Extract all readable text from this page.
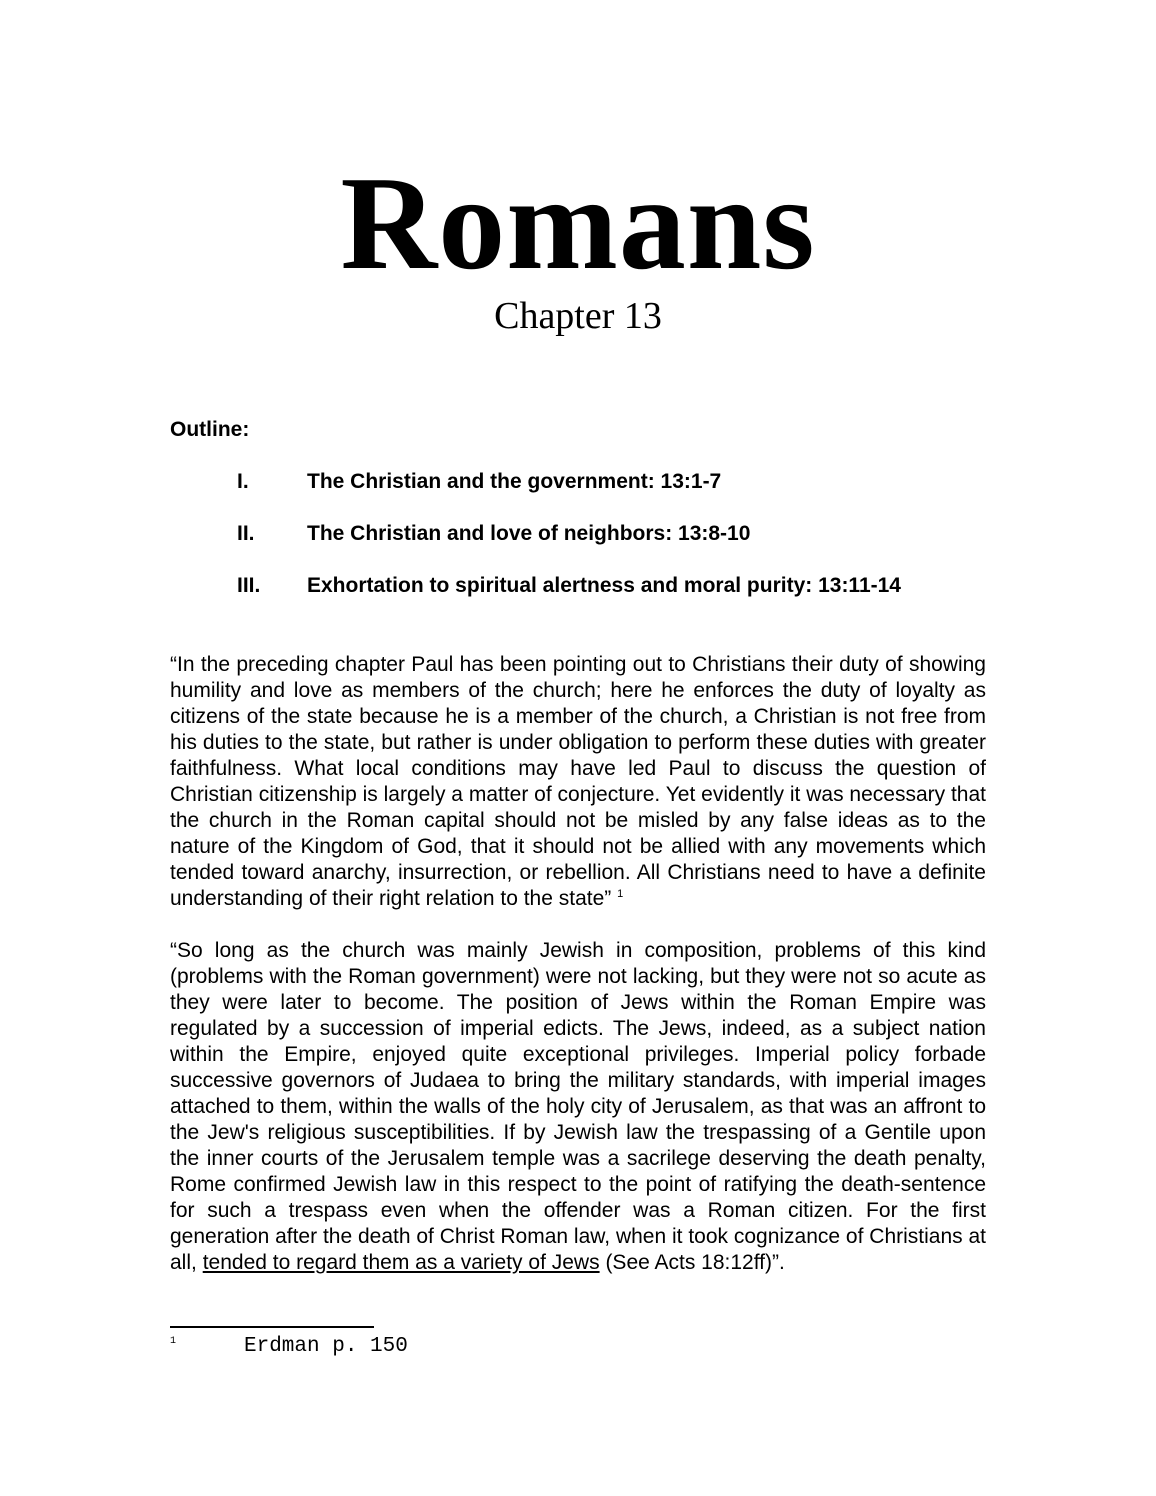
Romans
Chapter 13
Outline:
I.	The Christian and the government: 13:1-7
II. The Christian and love of neighbors: 13:8-10
III. Exhortation to spiritual alertness and moral purity: 13:11-14

“In the preceding chapter Paul has been pointing out to Christians their duty of showing humility and love as members of the church; here he enforces the duty of loyalty as citizens of the state because he is a member of the church, a Christian is not free from his duties to the state, but rather is under obligation to perform these duties with greater faithfulness. What local conditions may have led Paul to discuss the question of Christian citizenship is largely a matter of conjecture. Yet evidently it was necessary that the church in the Roman capital should not be misled by any false ideas as to the nature of the Kingdom of God, that it should not be allied with any movements which tended toward anarchy, insurrection, or rebellion. All Christians need to have a definite understanding of their right relation to the state” $^1$

“So long as the church was mainly Jewish in composition, problems of this kind (problems with the Roman government) were not lacking, but they were not so acute as they were later to become. The position of Jews within the Roman Empire was regulated by a succession of imperial edicts. The Jews, indeed, as a subject nation within the Empire, enjoyed quite exceptional privileges. Imperial policy forbade successive governors of Judaea to bring the military standards, with imperial images attached to them, within the walls of the holy city of Jerusalem, as that was an affront to the Jew's religious susceptibilities. If by Jewish law the trespassing of a Gentile upon the inner courts of the Jerusalem temple was a sacrilege deserving the death penalty, Rome confirmed Jewish law in this respect to the point of ratifying the death-sentence for such a trespass even when the offender was a Roman citizen. For the first generation after the death of Christ Roman law, when it took cognizance of Christians at all, tended to regard them as a variety of Jews (See Acts 18:12ff)”.

1	Erdman p. 150
